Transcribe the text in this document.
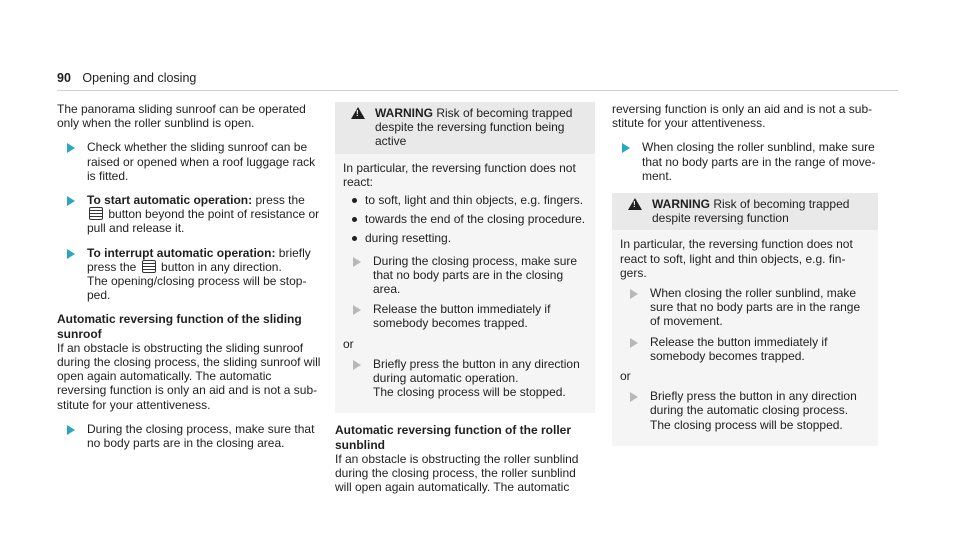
90 Opening and closing

The panorama sliding sunroof can be operated only when the roller sunblind is open.

Check whether the sliding sunroof can be raised or opened when a roof luggage rack is fitted.
To start automatic operation: press the  button beyond the point of resistance or pull and release it.
To interrupt automatic operation: briefly press the button in any direction.
The opening/closing process will be stop-ped.

Automatic reversing function of the sliding sunroof

If an obstacle is obstructing the sliding sunroof during the closing process, the sliding sunroof will open again automatically. The automatic reversing function is only an aid and is not a sub-stitute for your attentiveness.

During the closing process, make sure that no body parts are in the closing area.
!
WARNING Risk of becoming trapped despite the reversing function being active
In particular, the reversing function does not react:
to soft, light and thin objects, e.g. fingers.
towards the end of the closing procedure.
during resetting.
During the closing process, make sure that no body parts are in the closing area.
Release the button immediately if somebody becomes trapped.
or
Briefly press the button in any direction during automatic operation.
The closing process will be stopped.

Automatic reversing function of the roller sunblind

If an obstacle is obstructing the roller sunblind during the closing process, the roller sunblind will open again automatically. The automatic

reversing function is only an aid and is not a sub-stitute for your attentiveness.

When closing the roller sunblind, make sure that no body parts are in the range of move-ment.
!
WARNING Risk of becoming trapped despite reversing function
In particular, the reversing function does not react to soft, light and thin objects, e.g. fin-gers.
When closing the roller sunblind, make sure that no body parts are in the range of movement.
Release the button immediately if somebody becomes trapped.
or
Briefly press the button in any direction during the automatic closing process.
The closing process will be stopped.
